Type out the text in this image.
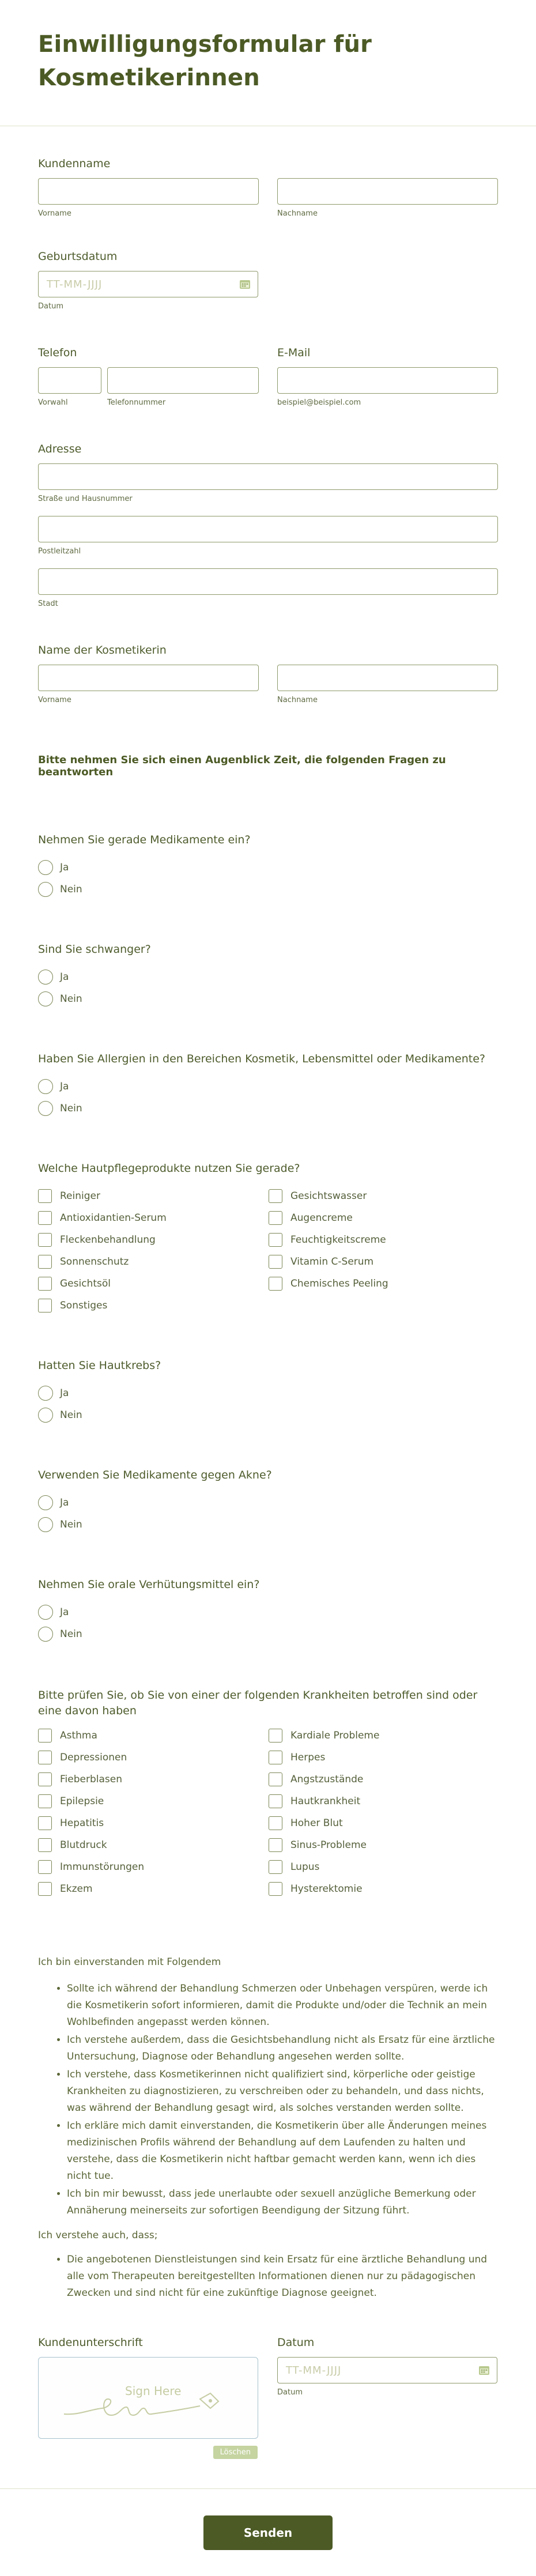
Einwilligungsformular für Kosmetikerinnen
Kundenname
Vorname	Nachname
Geburtsdatum
TT-MM-JJJJ
Datum
Telefon
Vorwahl	Telefonnummer
E-Mail
beispiel@beispiel.com
Adresse
Straße und Hausnummer
Postleitzahl
Stadt
Name der Kosmetikerin
Vorname	Nachname
Bitte nehmen Sie sich einen Augenblick Zeit, die folgenden Fragen zu beantworten
Nehmen Sie gerade Medikamente ein?
Ja
Nein
Sind Sie schwanger?
Ja
Nein
Haben Sie Allergien in den Bereichen Kosmetik, Lebensmittel oder Medikamente?
Ja
Nein
Welche Hautpflegeprodukte nutzen Sie gerade?
Reiniger
Antioxidantien-Serum
Fleckenbehandlung
Sonnenschutz
Gesichtsöl
Sonstiges
Gesichtswasser
Augencreme
Feuchtigkeitscreme
Vitamin C-Serum
Chemisches Peeling
Hatten Sie Hautkrebs?
Ja
Nein
Verwenden Sie Medikamente gegen Akne?
Ja
Nein
Nehmen Sie orale Verhütungsmittel ein?
Ja
Nein
Bitte prüfen Sie, ob Sie von einer der folgenden Krankheiten betroffen sind oder eine davon haben
Asthma
Depressionen
Fieberblasen
Epilepsie
Hepatitis
Blutdruck
Immunstörungen
Ekzem
Kardiale Probleme
Herpes
Angstzustände
Hautkrankheit
Hoher Blut
Sinus-Probleme
Lupus
Hysterektomie
Ich bin einverstanden mit Folgendem
• Sollte ich während der Behandlung Schmerzen oder Unbehagen verspüren, werde ich die Kosmetikerin sofort informieren, damit die Produkte und/oder die Technik an mein Wohlbefinden angepasst werden können.
• Ich verstehe außerdem, dass die Gesichtsbehandlung nicht als Ersatz für eine ärztliche Untersuchung, Diagnose oder Behandlung angesehen werden sollte.
• Ich verstehe, dass Kosmetikerinnen nicht qualifiziert sind, körperliche oder geistige Krankheiten zu diagnostizieren, zu verschreiben oder zu behandeln, und dass nichts, was während der Behandlung gesagt wird, als solches verstanden werden sollte.
• Ich erkläre mich damit einverstanden, die Kosmetikerin über alle Änderungen meines medizinischen Profils während der Behandlung auf dem Laufenden zu halten und verstehe, dass die Kosmetikerin nicht haftbar gemacht werden kann, wenn ich dies nicht tue.
• Ich bin mir bewusst, dass jede unerlaubte oder sexuell anzügliche Bemerkung oder Annäherung meinerseits zur sofortigen Beendigung der Sitzung führt.
Ich verstehe auch, dass;
• Die angebotenen Dienstleistungen sind kein Ersatz für eine ärztliche Behandlung und alle vom Therapeuten bereitgestellten Informationen dienen nur zu pädagogischen Zwecken und sind nicht für eine zukünftige Diagnose geeignet.
Kundenunterschrift
Sign Here
Löschen
Datum
TT-MM-JJJJ
Datum
Senden
